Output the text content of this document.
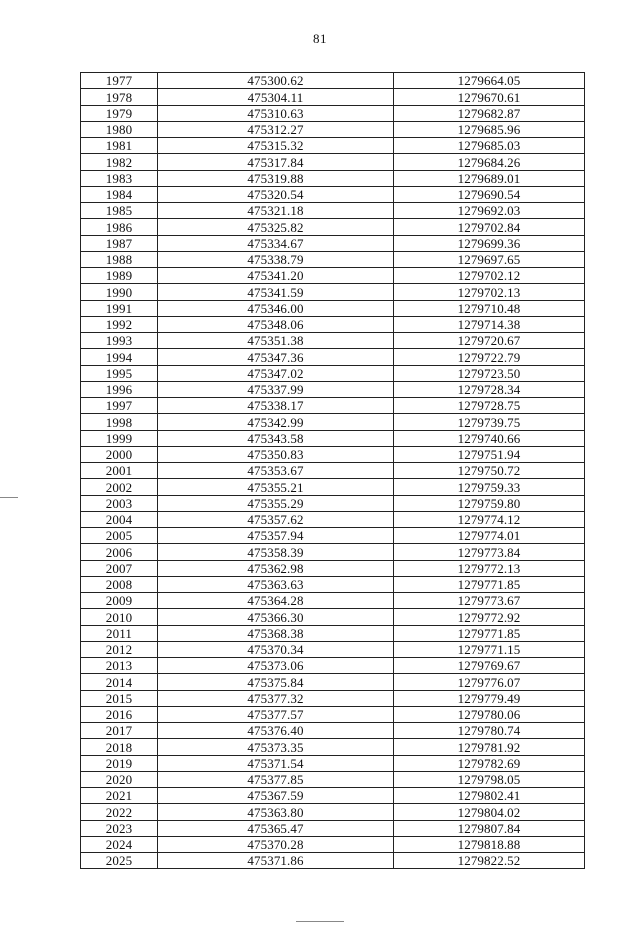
81
1977	475300.62	1279664.05
1978	475304.11	1279670.61
1979	475310.63	1279682.87
1980	475312.27	1279685.96
1981	475315.32	1279685.03
1982	475317.84	1279684.26
1983	475319.88	1279689.01
1984	475320.54	1279690.54
1985	475321.18	1279692.03
1986	475325.82	1279702.84
1987	475334.67	1279699.36
1988	475338.79	1279697.65
1989	475341.20	1279702.12
1990	475341.59	1279702.13
1991	475346.00	1279710.48
1992	475348.06	1279714.38
1993	475351.38	1279720.67
1994	475347.36	1279722.79
1995	475347.02	1279723.50
1996	475337.99	1279728.34
1997	475338.17	1279728.75
1998	475342.99	1279739.75
1999	475343.58	1279740.66
2000	475350.83	1279751.94
2001	475353.67	1279750.72
2002	475355.21	1279759.33
2003	475355.29	1279759.80
2004	475357.62	1279774.12
2005	475357.94	1279774.01
2006	475358.39	1279773.84
2007	475362.98	1279772.13
2008	475363.63	1279771.85
2009	475364.28	1279773.67
2010	475366.30	1279772.92
2011	475368.38	1279771.85
2012	475370.34	1279771.15
2013	475373.06	1279769.67
2014	475375.84	1279776.07
2015	475377.32	1279779.49
2016	475377.57	1279780.06
2017	475376.40	1279780.74
2018	475373.35	1279781.92
2019	475371.54	1279782.69
2020	475377.85	1279798.05
2021	475367.59	1279802.41
2022	475363.80	1279804.02
2023	475365.47	1279807.84
2024	475370.28	1279818.88
2025	475371.86	1279822.52
